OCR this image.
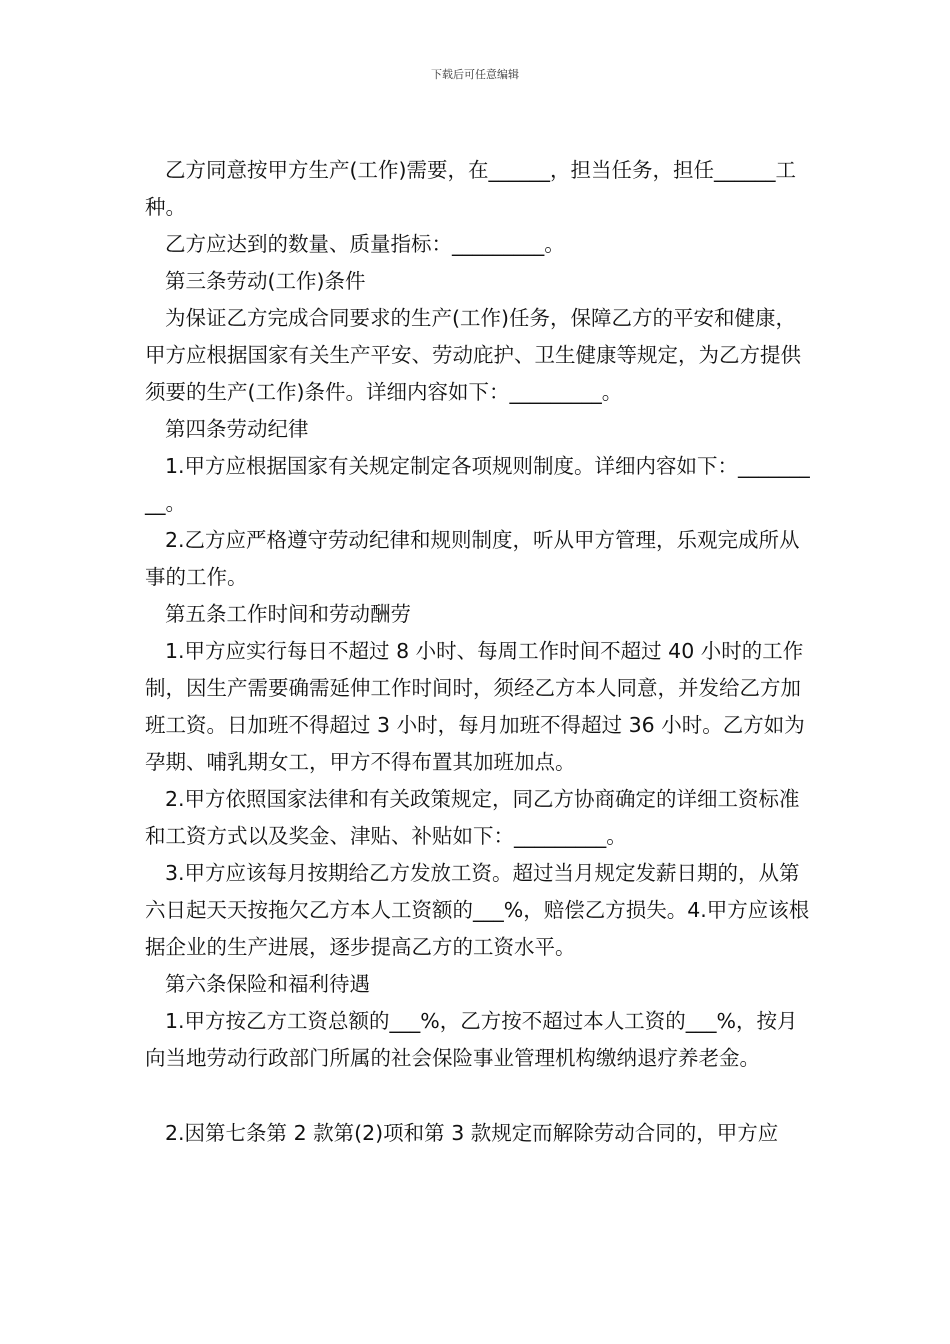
下载后可任意编辑

乙方同意按甲方生产(工作)需要，在______，担当任务，担任______工种。

乙方应达到的数量、质量指标：_________。

第三条劳动(工作)条件

为保证乙方完成合同要求的生产(工作)任务，保障乙方的平安和健康，甲方应根据国家有关生产平安、劳动庇护、卫生健康等规定，为乙方提供须要的生产(工作)条件。详细内容如下：_________。

第四条劳动纪律

1.甲方应根据国家有关规定制定各项规则制度。详细内容如下：_________。

2.乙方应严格遵守劳动纪律和规则制度，听从甲方管理，乐观完成所从事的工作。

第五条工作时间和劳动酬劳

1.甲方应实行每日不超过 8 小时、每周工作时间不超过 40 小时的工作制，因生产需要确需延伸工作时间时，须经乙方本人同意，并发给乙方加班工资。日加班不得超过 3 小时，每月加班不得超过 36 小时。乙方如为孕期、哺乳期女工，甲方不得布置其加班加点。

2.甲方依照国家法律和有关政策规定，同乙方协商确定的详细工资标准和工资方式以及奖金、津贴、补贴如下：_________。

3.甲方应该每月按期给乙方发放工资。超过当月规定发薪日期的，从第六日起天天按拖欠乙方本人工资额的___%，赔偿乙方损失。4.甲方应该根据企业的生产进展，逐步提高乙方的工资水平。

第六条保险和福利待遇

1.甲方按乙方工资总额的___%，乙方按不超过本人工资的___%，按月向当地劳动行政部门所属的社会保险事业管理机构缴纳退疗养老金。

2.因第七条第 2 款第(2)项和第 3 款规定而解除劳动合同的，甲方应
